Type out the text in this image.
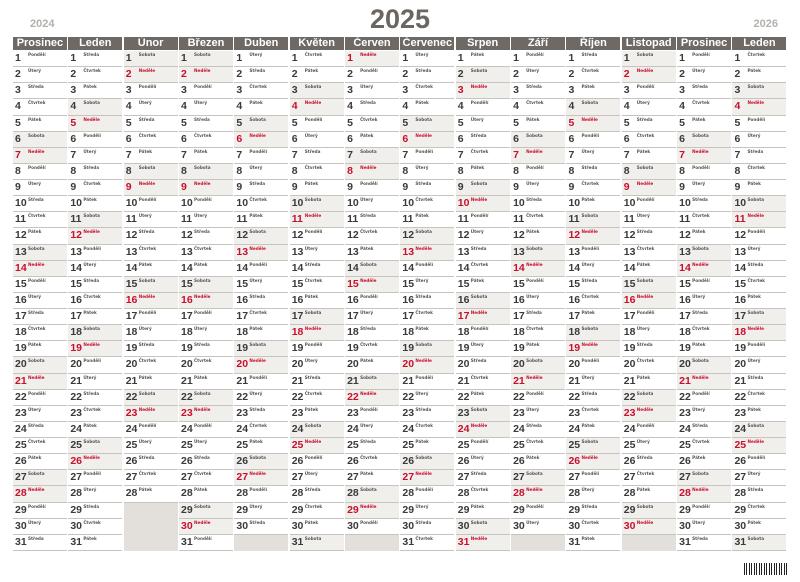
2025
2024	2026
Prosinec
1 Pondělí
2 Úterý
3 Středa
4 Čtvrtek
5 Pátek
6 Sobota
7 Neděle
8 Pondělí
9 Úterý
10 Středa
11 Čtvrtek
12 Pátek
13 Sobota
14 Neděle
15 Pondělí
16 Úterý
17 Středa
18 Čtvrtek
19 Pátek
20 Sobota
21 Neděle
22 Pondělí
23 Úterý
24 Středa
25 Čtvrtek
26 Pátek
27 Sobota
28 Neděle
29 Pondělí
30 Úterý
31 Středa
Leden
1 Středa
2 Čtvrtek
3 Pátek
4 Sobota
5 Neděle
6 Pondělí
7 Úterý
8 Středa
9 Čtvrtek
10 Pátek
11 Sobota
12 Neděle
13 Pondělí
14 Úterý
15 Středa
16 Čtvrtek
17 Pátek
18 Sobota
19 Neděle
20 Pondělí
21 Úterý
22 Středa
23 Čtvrtek
24 Pátek
25 Sobota
26 Neděle
27 Pondělí
28 Úterý
29 Středa
30 Čtvrtek
31 Pátek
Únor
1 Sobota
2 Neděle
3 Pondělí
4 Úterý
5 Středa
6 Čtvrtek
7 Pátek
8 Sobota
9 Neděle
10 Pondělí
11 Úterý
12 Středa
13 Čtvrtek
14 Pátek
15 Sobota
16 Neděle
17 Pondělí
18 Úterý
19 Středa
20 Čtvrtek
21 Pátek
22 Sobota
23 Neděle
24 Pondělí
25 Úterý
26 Středa
27 Čtvrtek
28 Pátek
Březen
1 Sobota
2 Neděle
3 Pondělí
4 Úterý
5 Středa
6 Čtvrtek
7 Pátek
8 Sobota
9 Neděle
10 Pondělí
11 Úterý
12 Středa
13 Čtvrtek
14 Pátek
15 Sobota
16 Neděle
17 Pondělí
18 Úterý
19 Středa
20 Čtvrtek
21 Pátek
22 Sobota
23 Neděle
24 Pondělí
25 Úterý
26 Středa
27 Čtvrtek
28 Pátek
29 Sobota
30 Neděle
31 Pondělí
Duben
1 Úterý
2 Středa
3 Čtvrtek
4 Pátek
5 Sobota
6 Neděle
7 Pondělí
8 Úterý
9 Středa
10 Čtvrtek
11 Pátek
12 Sobota
13 Neděle
14 Pondělí
15 Úterý
16 Středa
17 Čtvrtek
18 Pátek
19 Sobota
20 Neděle
21 Pondělí
22 Úterý
23 Středa
24 Čtvrtek
25 Pátek
26 Sobota
27 Neděle
28 Pondělí
29 Úterý
30 Středa
Květen
1 Čtvrtek
2 Pátek
3 Sobota
4 Neděle
5 Pondělí
6 Úterý
7 Středa
8 Čtvrtek
9 Pátek
10 Sobota
11 Neděle
12 Pondělí
13 Úterý
14 Středa
15 Čtvrtek
16 Pátek
17 Sobota
18 Neděle
19 Pondělí
20 Úterý
21 Středa
22 Čtvrtek
23 Pátek
24 Sobota
25 Neděle
26 Pondělí
27 Úterý
28 Středa
29 Čtvrtek
30 Pátek
31 Sobota
Červen
1 Neděle
2 Pondělí
3 Úterý
4 Středa
5 Čtvrtek
6 Pátek
7 Sobota
8 Neděle
9 Pondělí
10 Úterý
11 Středa
12 Čtvrtek
13 Pátek
14 Sobota
15 Neděle
16 Pondělí
17 Úterý
18 Středa
19 Čtvrtek
20 Pátek
21 Sobota
22 Neděle
23 Pondělí
24 Úterý
25 Středa
26 Čtvrtek
27 Pátek
28 Sobota
29 Neděle
30 Pondělí
Červenec
1 Úterý
2 Středa
3 Čtvrtek
4 Pátek
5 Sobota
6 Neděle
7 Pondělí
8 Úterý
9 Středa
10 Čtvrtek
11 Pátek
12 Sobota
13 Neděle
14 Pondělí
15 Úterý
16 Středa
17 Čtvrtek
18 Pátek
19 Sobota
20 Neděle
21 Pondělí
22 Úterý
23 Středa
24 Čtvrtek
25 Pátek
26 Sobota
27 Neděle
28 Pondělí
29 Úterý
30 Středa
31 Čtvrtek
Srpen
1 Pátek
2 Sobota
3 Neděle
4 Pondělí
5 Úterý
6 Středa
7 Čtvrtek
8 Pátek
9 Sobota
10 Neděle
11 Pondělí
12 Úterý
13 Středa
14 Čtvrtek
15 Pátek
16 Sobota
17 Neděle
18 Pondělí
19 Úterý
20 Středa
21 Čtvrtek
22 Pátek
23 Sobota
24 Neděle
25 Pondělí
26 Úterý
27 Středa
28 Čtvrtek
29 Pátek
30 Sobota
31 Neděle
Září
1 Pondělí
2 Úterý
3 Středa
4 Čtvrtek
5 Pátek
6 Sobota
7 Neděle
8 Pondělí
9 Úterý
10 Středa
11 Čtvrtek
12 Pátek
13 Sobota
14 Neděle
15 Pondělí
16 Úterý
17 Středa
18 Čtvrtek
19 Pátek
20 Sobota
21 Neděle
22 Pondělí
23 Úterý
24 Středa
25 Čtvrtek
26 Pátek
27 Sobota
28 Neděle
29 Pondělí
30 Úterý
Říjen
1 Středa
2 Čtvrtek
3 Pátek
4 Sobota
5 Neděle
6 Pondělí
7 Úterý
8 Středa
9 Čtvrtek
10 Pátek
11 Sobota
12 Neděle
13 Pondělí
14 Úterý
15 Středa
16 Čtvrtek
17 Pátek
18 Sobota
19 Neděle
20 Pondělí
21 Úterý
22 Středa
23 Čtvrtek
24 Pátek
25 Sobota
26 Neděle
27 Pondělí
28 Úterý
29 Středa
30 Čtvrtek
31 Pátek
Listopad
1 Sobota
2 Neděle
3 Pondělí
4 Úterý
5 Středa
6 Čtvrtek
7 Pátek
8 Sobota
9 Neděle
10 Pondělí
11 Úterý
12 Středa
13 Čtvrtek
14 Pátek
15 Sobota
16 Neděle
17 Pondělí
18 Úterý
19 Středa
20 Čtvrtek
21 Pátek
22 Sobota
23 Neděle
24 Pondělí
25 Úterý
26 Středa
27 Čtvrtek
28 Pátek
29 Sobota
30 Neděle
Prosinec
1 Pondělí
2 Úterý
3 Středa
4 Čtvrtek
5 Pátek
6 Sobota
7 Neděle
8 Pondělí
9 Úterý
10 Středa
11 Čtvrtek
12 Pátek
13 Sobota
14 Neděle
15 Pondělí
16 Úterý
17 Středa
18 Čtvrtek
19 Pátek
20 Sobota
21 Neděle
22 Pondělí
23 Úterý
24 Středa
25 Čtvrtek
26 Pátek
27 Sobota
28 Neděle
29 Pondělí
30 Úterý
31 Středa
Leden
1 Čtvrtek
2 Pátek
3 Sobota
4 Neděle
5 Pondělí
6 Úterý
7 Středa
8 Čtvrtek
9 Pátek
10 Sobota
11 Neděle
12 Pondělí
13 Úterý
14 Středa
15 Čtvrtek
16 Pátek
17 Sobota
18 Neděle
19 Pondělí
20 Úterý
21 Středa
22 Čtvrtek
23 Pátek
24 Sobota
25 Neděle
26 Pondělí
27 Úterý
28 Středa
29 Čtvrtek
30 Pátek
31 Sobota
